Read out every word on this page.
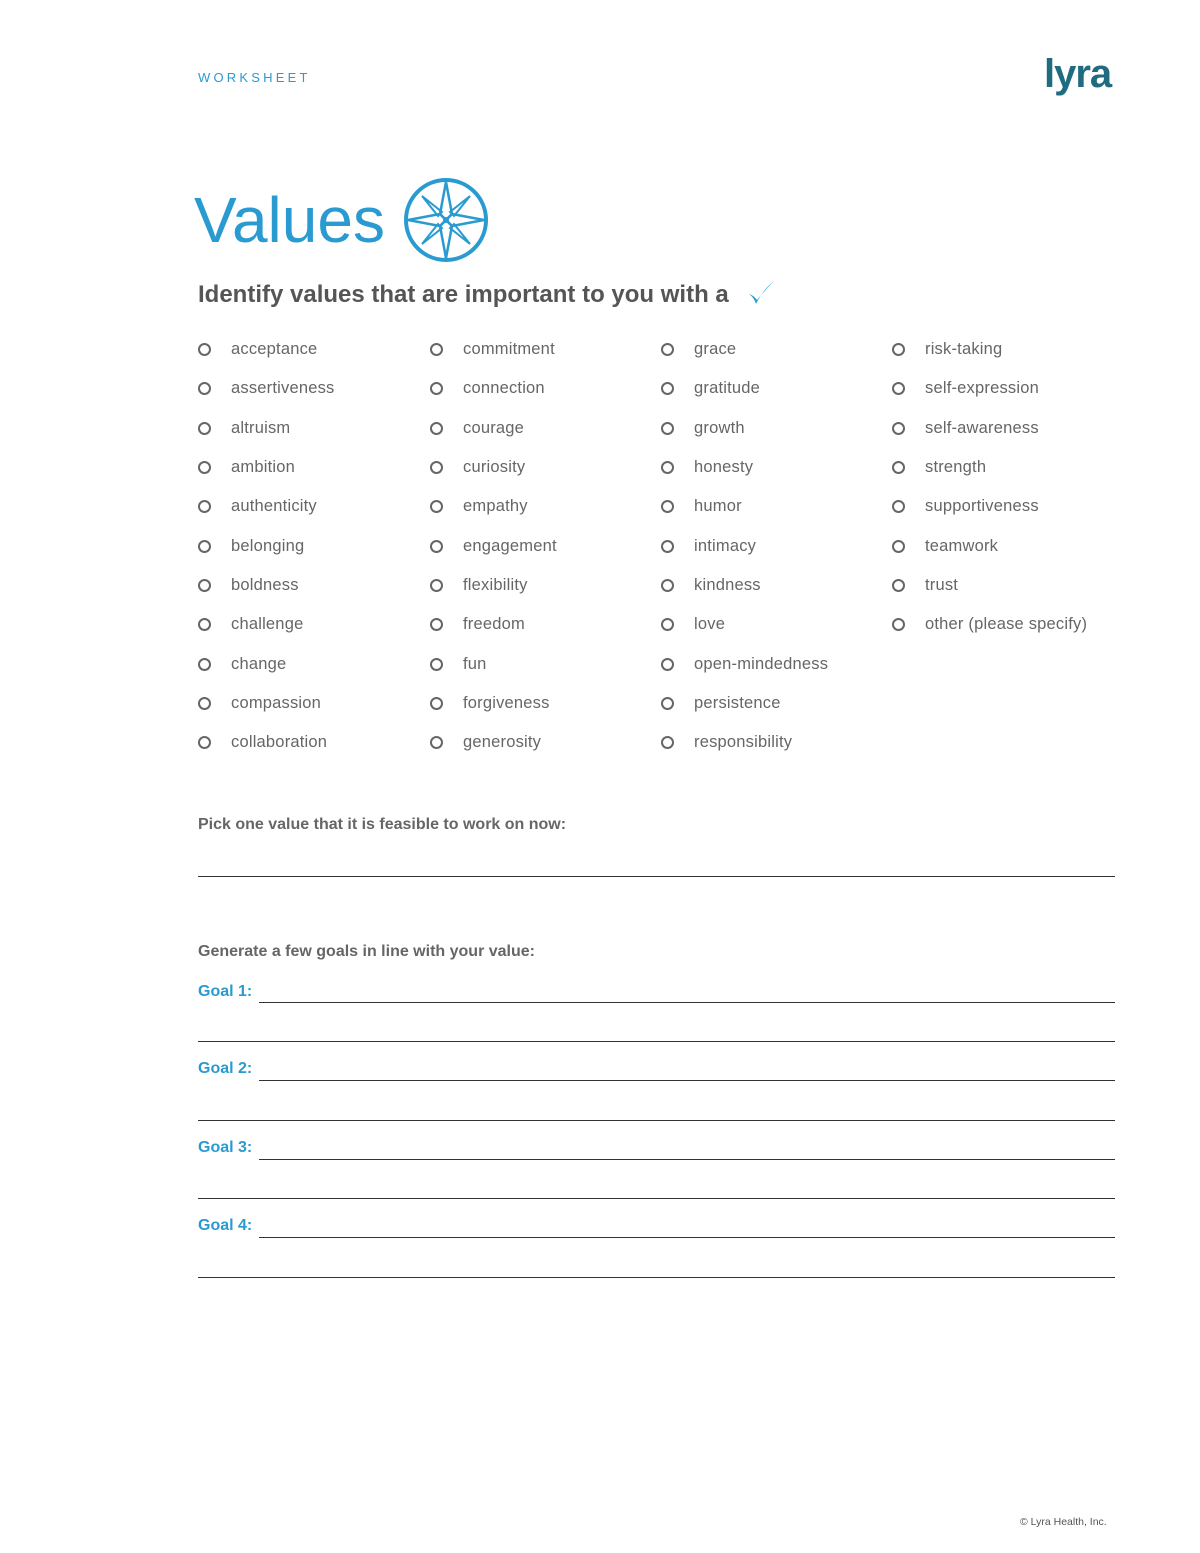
WORKSHEET	lyra
Values
Identify values that are important to you with a
acceptance
assertiveness
altruism
ambition
authenticity
belonging
boldness
challenge
change
compassion
collaboration
commitment
connection
courage
curiosity
empathy
engagement
flexibility
freedom
fun
forgiveness
generosity
grace
gratitude
growth
honesty
humor
intimacy
kindness
love
open-mindedness
persistence
responsibility
risk-taking
self-expression
self-awareness
strength
supportiveness
teamwork
trust
other (please specify)
Pick one value that it is feasible to work on now:
Generate a few goals in line with your value:
Goal 1:
Goal 2:
Goal 3:
Goal 4:
© Lyra Health, Inc.
